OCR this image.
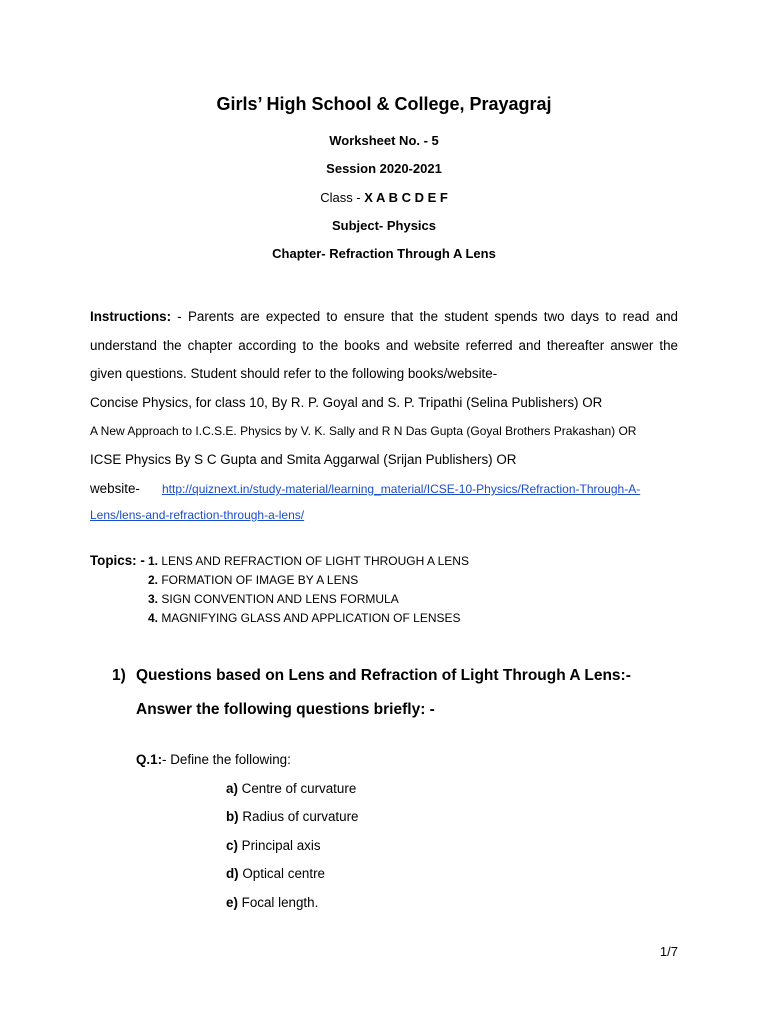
Girls’ High School & College, Prayagraj
Worksheet No. - 5
Session 2020-2021
Class - X A B C D E F
Subject- Physics
Chapter- Refraction Through A Lens
Instructions: - Parents are expected to ensure that the student spends two days to read and
understand the chapter according to the books and website referred and thereafter answer the
given questions. Student should refer to the following books/website-
Concise Physics, for class 10, By R. P. Goyal and S. P. Tripathi (Selina Publishers) OR
A New Approach to I.C.S.E. Physics by V. K. Sally and R N Das Gupta (Goyal Brothers Prakashan) OR
ICSE Physics By S C Gupta and Smita Aggarwal (Srijan Publishers) OR
website- http://quiznext.in/study-material/learning_material/ICSE-10-Physics/Refraction-Through-A-
Lens/lens-and-refraction-through-a-lens/
Topics: - 1. LENS AND REFRACTION OF LIGHT THROUGH A LENS
2. FORMATION OF IMAGE BY A LENS
3. SIGN CONVENTION AND LENS FORMULA
4. MAGNIFYING GLASS AND APPLICATION OF LENSES
1) Questions based on Lens and Refraction of Light Through A Lens:-
Answer the following questions briefly: -
Q.1:- Define the following:
a) Centre of curvature
b) Radius of curvature
c) Principal axis
d) Optical centre
e) Focal length.
1/7
